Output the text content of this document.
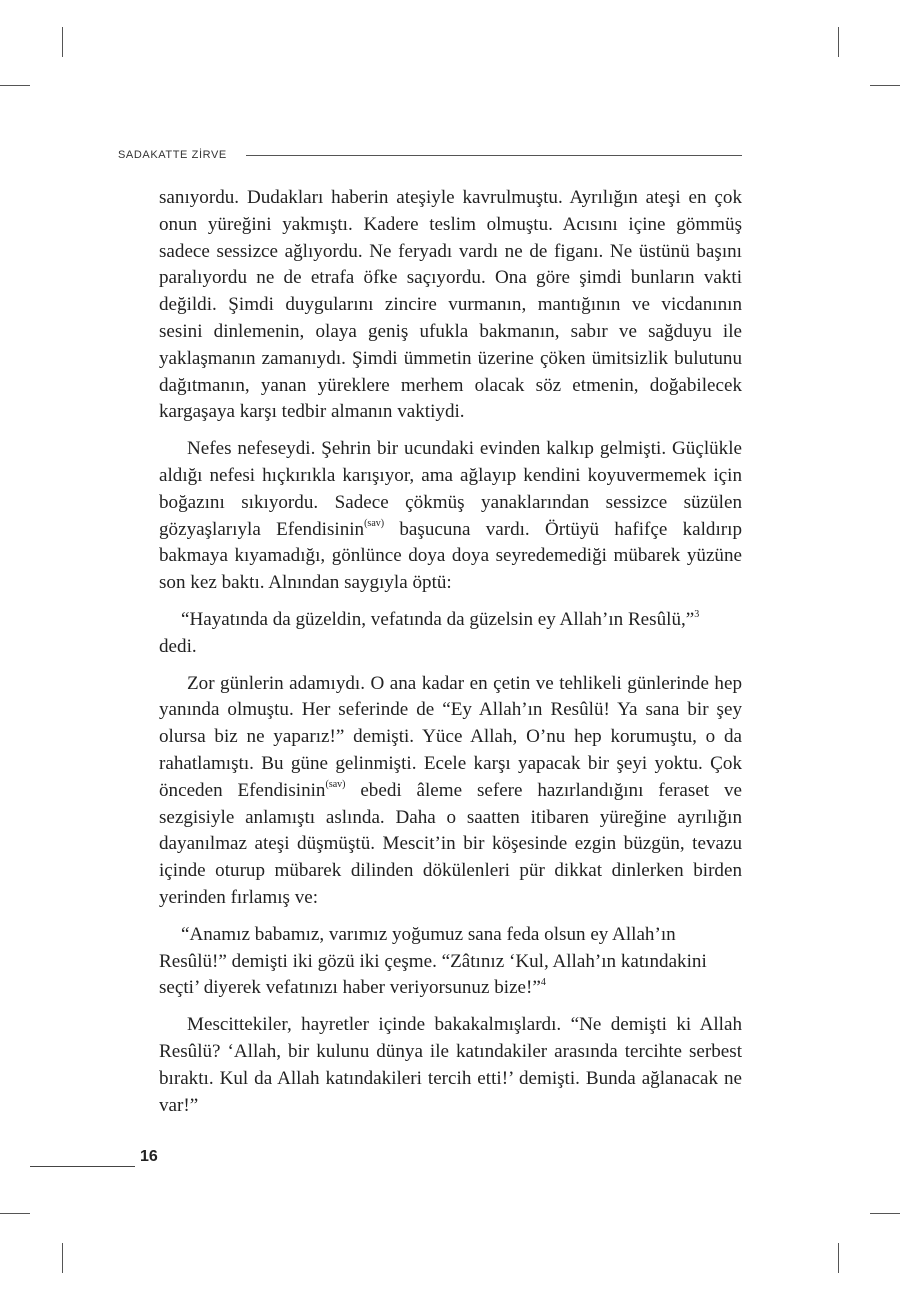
SADAKATTE ZİRVE

sanıyordu. Dudakları haberin ateşiyle kavrulmuştu. Ayrılığın ateşi en çok onun yüreğini yakmıştı. Kadere teslim olmuştu. Acısını içine gömmüş sadece sessizce ağlıyordu. Ne feryadı vardı ne de figanı. Ne üstünü başını paralıyordu ne de etrafa öfke saçıyordu. Ona göre şimdi bunların vakti değildi. Şimdi duygularını zincire vurmanın, mantığının ve vicdanının sesini dinlemenin, olaya geniş ufukla bakmanın, sabır ve sağduyu ile yaklaşmanın zamanıydı. Şimdi ümmetin üzerine çöken ümitsizlik bulutunu dağıtmanın, yanan yüreklere merhem olacak söz etmenin, doğabilecek kargaşaya karşı tedbir almanın vaktiydi.

Nefes nefeseydi. Şehrin bir ucundaki evinden kalkıp gelmişti. Güçlükle aldığı nefesi hıçkırıkla karışıyor, ama ağlayıp kendini koyuvermemek için boğazını sıkıyordu. Sadece çökmüş yanaklarından sessizce süzülen gözyaşlarıyla Efendisinin$^{(sav)}$ başucuna vardı. Örtüyü hafifçe kaldırıp bakmaya kıyamadığı, gönlünce doya doya seyredemediği mübarek yüzüne son kez baktı. Alnından saygıyla öptü:

“Hayatında da güzeldin, vefatında da güzelsin ey Allah’ın Resûlü,”$^3$
dedi.

Zor günlerin adamıydı. O ana kadar en çetin ve tehlikeli günlerinde hep yanında olmuştu. Her seferinde de “Ey Allah’ın Resûlü! Ya sana bir şey olursa biz ne yaparız!” demişti. Yüce Allah, O’nu hep korumuştu, o da rahatlamıştı. Bu güne gelinmişti. Ecele karşı yapacak bir şeyi yoktu. Çok önceden Efendisinin$^{(sav)}$ ebedi âleme sefere hazırlandığını feraset ve sezgisiyle anlamıştı aslında. Daha o saatten itibaren yüreğine ayrılığın dayanılmaz ateşi düşmüştü. Mescit’in bir köşesinde ezgin büzgün, tevazu içinde oturup mübarek dilinden dökülenleri pür dikkat dinlerken birden yerinden fırlamış ve:

“Anamız babamız, varımız yoğumuz sana feda olsun ey Allah’ın Resûlü!” demişti iki gözü iki çeşme. “Zâtınız ‘Kul, Allah’ın katındakini seçti’ diyerek vefatınızı haber veriyorsunuz bize!”$^4$

Mescittekiler, hayretler içinde bakakalmışlardı. “Ne demişti ki Allah Resûlü? ‘Allah, bir kulunu dünya ile katındakiler arasında tercihte serbest bıraktı. Kul da Allah katındakileri tercih etti!’ demişti. Bunda ağlanacak ne var!”

16
